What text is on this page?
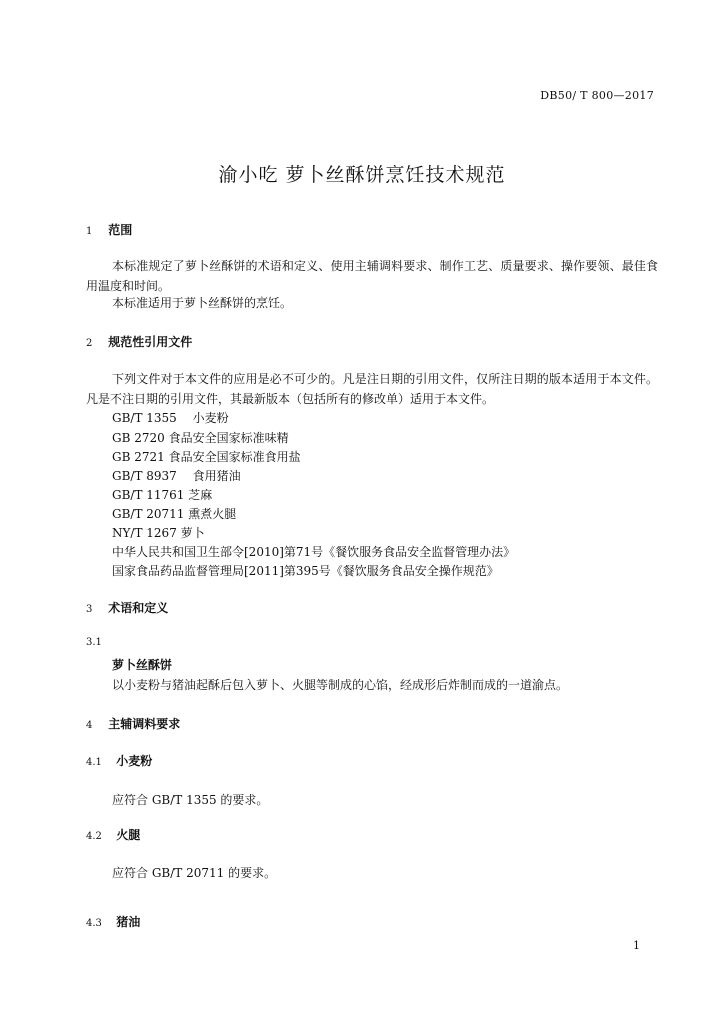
DB50/ T 800—2017
渝小吃 萝卜丝酥饼烹饪技术规范
1 范围
本标准规定了萝卜丝酥饼的术语和定义、使用主辅调料要求、制作工艺、质量要求、操作要领、最佳食用温度和时间。
本标准适用于萝卜丝酥饼的烹饪。
2 规范性引用文件
下列文件对于本文件的应用是必不可少的。凡是注日期的引用文件，仅所注日期的版本适用于本文件。凡是不注日期的引用文件，其最新版本（包括所有的修改单）适用于本文件。
GB/T 1355　 小麦粉
GB 2720 食品安全国家标准味精
GB 2721 食品安全国家标准食用盐
GB/T 8937　 食用猪油
GB/T 11761 芝麻
GB/T 20711 熏煮火腿
NY/T 1267 萝卜
中华人民共和国卫生部令[2010]第71号《餐饮服务食品安全监督管理办法》
国家食品药品监督管理局[2011]第395号《餐饮服务食品安全操作规范》
3 术语和定义
3.1
萝卜丝酥饼
以小麦粉与猪油起酥后包入萝卜、火腿等制成的心馅，经成形后炸制而成的一道渝点。
4 主辅调料要求
4.1 小麦粉
应符合 GB/T 1355 的要求。
4.2 火腿
应符合 GB/T 20711 的要求。
4.3 猪油
1
